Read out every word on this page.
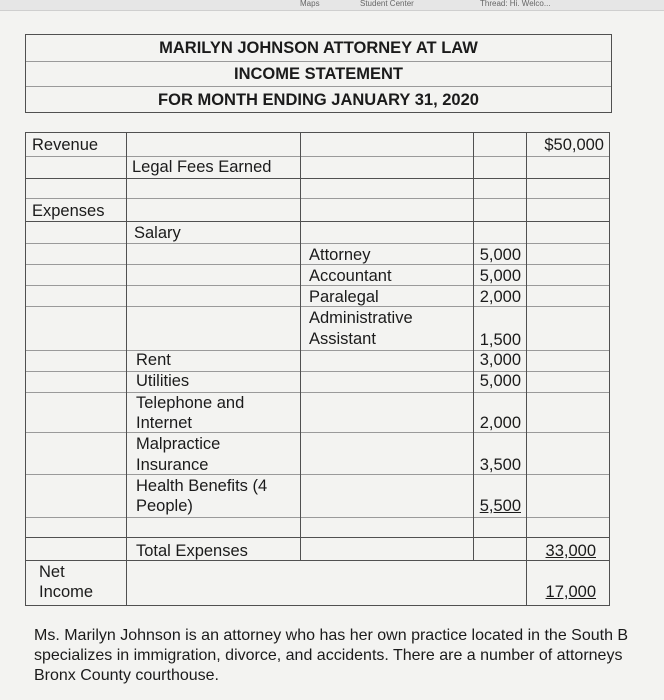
Maps	Student Center	Thread: Hi. Welco...
MARILYN JOHNSON ATTORNEY AT LAW
INCOME STATEMENT
FOR MONTH ENDING JANUARY 31, 2020
Revenue	$50,000
Legal Fees Earned
Expenses
Salary
Attorney	5,000
Accountant	5,000
Paralegal	2,000
Administrative
Assistant	1,500
Rent	3,000
Utilities	5,000
Telephone and
Internet	2,000
Malpractice
Insurance	3,500
Health Benefits (4
People)	5,500
Total Expenses	33,000
Net
Income	17,000
Ms. Marilyn Johnson is an attorney who has her own practice located in the South B
specializes in immigration, divorce, and accidents. There are a number of attorneys
Bronx County courthouse.
